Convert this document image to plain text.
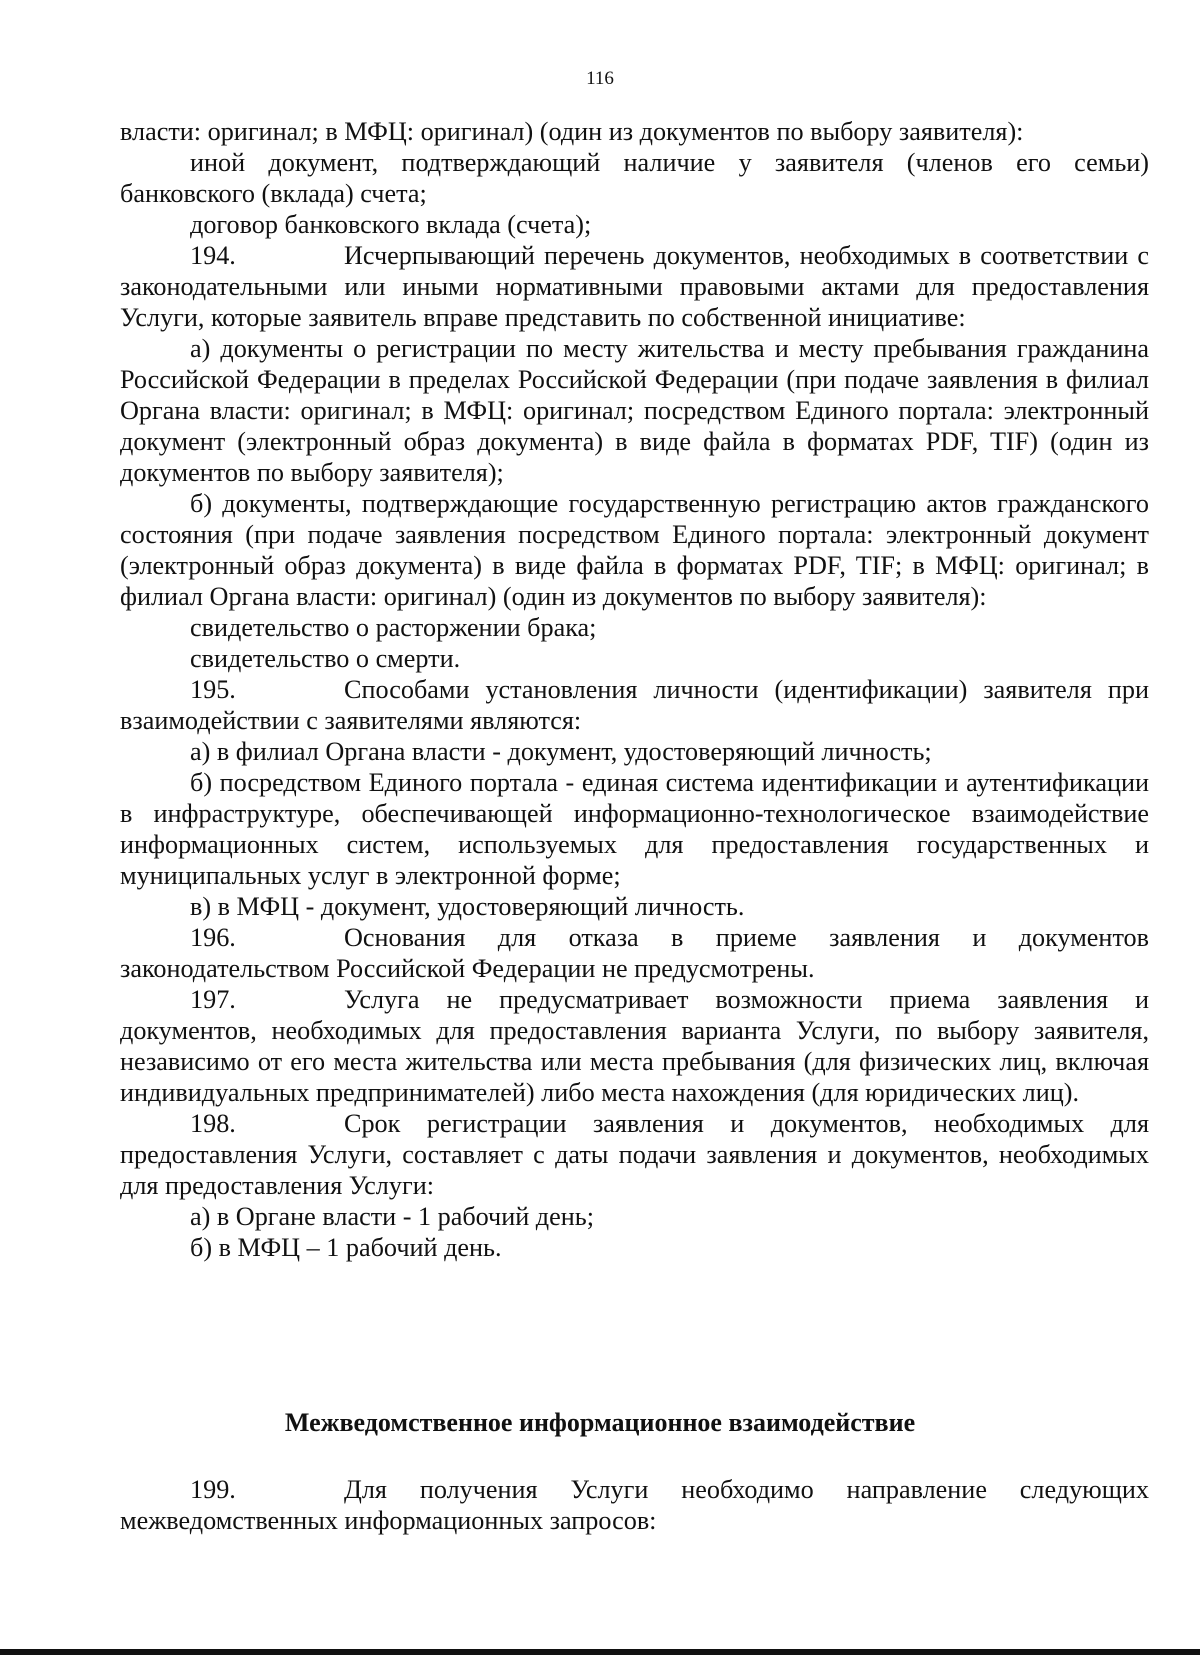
116

власти: оригинал; в МФЦ: оригинал) (один из документов по выбору заявителя):

иной документ, подтверждающий наличие у заявителя (членов его семьи) банковского (вклада) счета;

договор банковского вклада (счета);

194.	Исчерпывающий перечень документов, необходимых в соответствии с законодательными или иными нормативными правовыми актами для предоставления Услуги, которые заявитель вправе представить по собственной инициативе:

а) документы о регистрации по месту жительства и месту пребывания гражданина Российской Федерации в пределах Российской Федерации (при подаче заявления в филиал Органа власти: оригинал; в МФЦ: оригинал; посредством Единого портала: электронный документ (электронный образ документа) в виде файла в форматах PDF, TIF) (один из документов по выбору заявителя);

б) документы, подтверждающие государственную регистрацию актов гражданского состояния (при подаче заявления посредством Единого портала: электронный документ (электронный образ документа) в виде файла в форматах PDF, TIF; в МФЦ: оригинал; в филиал Органа власти: оригинал) (один из документов по выбору заявителя):

свидетельство о расторжении брака;

свидетельство о смерти.

195.	Способами установления личности (идентификации) заявителя при взаимодействии с заявителями являются:

а) в филиал Органа власти - документ, удостоверяющий личность;

б) посредством Единого портала - единая система идентификации и аутентификации в инфраструктуре, обеспечивающей информационно-технологическое взаимодействие информационных систем, используемых для предоставления государственных и муниципальных услуг в электронной форме;

в) в МФЦ - документ, удостоверяющий личность.

196.	Основания для отказа в приеме заявления и документов законодательством Российской Федерации не предусмотрены.

197.	Услуга не предусматривает возможности приема заявления и документов, необходимых для предоставления варианта Услуги, по выбору заявителя, независимо от его места жительства или места пребывания (для физических лиц, включая индивидуальных предпринимателей) либо места нахождения (для юридических лиц).

198.	Срок регистрации заявления и документов, необходимых для предоставления Услуги, составляет с даты подачи заявления и документов, необходимых для предоставления Услуги:

а) в Органе власти - 1 рабочий день;

б) в МФЦ – 1 рабочий день.

Межведомственное информационное взаимодействие

199.	Для получения Услуги необходимо направление следующих межведомственных информационных запросов:
